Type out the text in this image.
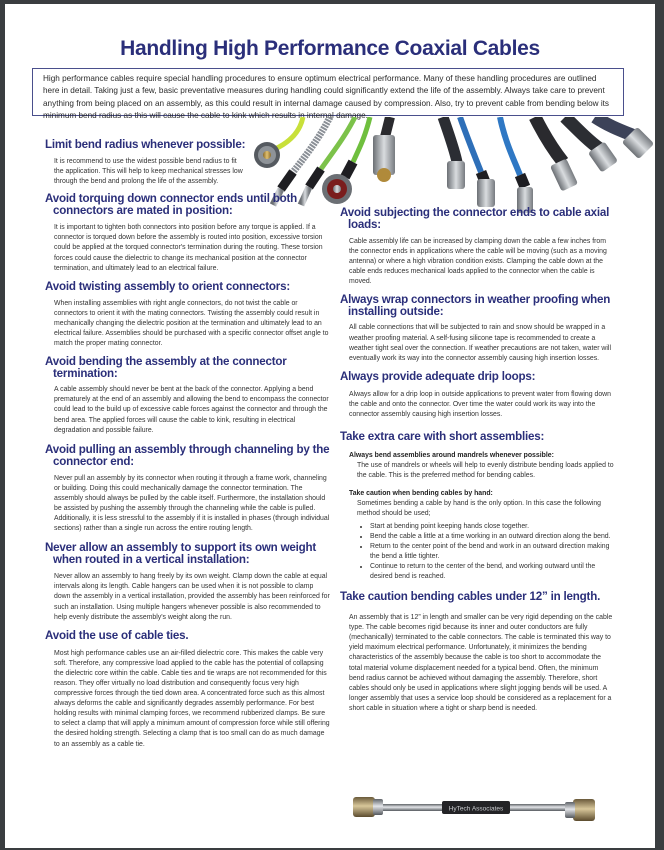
Handling High Performance Coaxial Cables
High performance cables require special handling procedures to ensure optimum electrical performance. Many of these handling procedures are outlined here in detail. Taking just a few, basic preventative measures during handling could significantly extend the life of the assembly. Always take care to prevent anything from being placed on an assembly, as this could result in internal damage caused by compression. Also, try to prevent cable from bending below its minimum bend radius as this will cause the cable to kink which results in internal damage.

Limit bend radius whenever possible:

It is recommend to use the widest possible bend radius to fit the application. This will help to keep mechanical stresses low through the bend and prolong the life of the assembly.

Avoid torquing down connector ends until both
connectors are mated in position:

It is important to tighten both connectors into position before any torque is applied. If a connector is torqued down before the assembly is routed into position, excessive torsion could be applied at the torqued connector's termination during the routing. These torsion forces could cause the dielectric to change its mechanical position at the connector termination, and ultimately lead to an electrical failure.

Avoid twisting assembly to orient connectors:

When installing assemblies with right angle connectors, do not twist the cable or connectors to orient it with the mating connectors. Twisting the assembly could result in mechanically changing the dielectric position at the termination and ultimately lead to an electrical failure. Assemblies should be purchased with a specific connector offset angle to match the proper mating connector.

Avoid bending the assembly at the connector
termination:

A cable assembly should never be bent at the back of the connector. Applying a bend prematurely at the end of an assembly and allowing the bend to encompass the connector could lead to the build up of excessive cable forces against the connector and through the bend area. The applied forces will cause the cable to kink, resulting in electrical degradation and possible failure.

Avoid pulling an assembly through channeling by the
connector end:

Never pull an assembly by its connector when routing it through a frame work, channeling or building. Doing this could mechanically damage the connector termination. The assembly should always be pulled by the cable itself. Furthermore, the installation should be assisted by pushing the assembly through the channeling while the cable is pulled. Additionally, it is less stressful to the assembly if it is installed in phases (through individual sections) rather than a single run across the entire routing length.

Never allow an assembly to support its own weight
when routed in a vertical installation:

Never allow an assembly to hang freely by its own weight. Clamp down the cable at equal intervals along its length. Cable hangers can be used when it is not possible to clamp down the assembly in a vertical installation, provided the assembly has been reinforced for such an installation. Using multiple hangers whenever possible is also recommended to help evenly distribute the assembly's weight along the run.

Avoid the use of cable ties.

Most high performance cables use an air-filled dielectric core. This makes the cable very soft. Therefore, any compressive load applied to the cable has the potential of collapsing the dielectric core within the cable. Cable ties and tie wraps are not recommended for this reason. They offer virtually no load distribution and consequently focus very high compressive forces through the tied down area. A concentrated force such as this almost always deforms the cable and significantly degrades assembly performance. For best holding results with minimal clamping forces, we recommend rubberized clamps. Be sure to select a clamp that will apply a minimum amount of compression force while still offering the desired holding strength. Selecting a clamp that is too small can do as much damage to an assembly as a cable tie.

Avoid subjecting the connector ends to cable axial
loads:

Cable assembly life can be increased by clamping down the cable a few inches from the connector ends in applications where the cable will be moving (such as a moving antenna) or where a high vibration condition exists. Clamping the cable down at the cable ends reduces mechanical loads applied to the connector when the cable is moved.

Always wrap connectors in weather proofing when
installing outside:

All cable connections that will be subjected to rain and snow should be wrapped in a weather proofing material. A self-fusing silicone tape is recommended to create a weather tight seal over the connection. If weather precautions are not taken, water will eventually work its way into the connector assembly causing high insertion losses.

Always provide adequate drip loops:

Always allow for a drip loop in outside applications to prevent water from flowing down the cable and onto the connector. Over time the water could work its way into the connector assembly causing high insertion losses.

Take extra care with short assemblies:

Always bend assemblies around mandrels whenever possible:

The use of mandrels or wheels will help to evenly distribute bending loads applied to the cable. This is the preferred method for bending cables.

Take caution when bending cables by hand:

Sometimes bending a cable by hand is the only option. In this case the following method should be used;

• Start at bending point keeping hands close together.
• Bend the cable a little at a time working in an outward direction along the bend.
• Return to the center point of the bend and work in an outward direction making the bend a little tighter.
• Continue to return to the center of the bend, and working outward until the desired bend is reached.

Take caution bending cables under 12” in length.

An assembly that is 12” in length and smaller can be very rigid depending on the cable type. The cable becomes rigid because its inner and outer conductors are fully (mechanically) terminated to the cable connectors. The cable is terminated this way to yield maximum electrical performance. Unfortunately, it minimizes the bending characteristics of the assembly because the cable is too short to accommodate the total material volume displacement needed for a typical bend. Often, the minimum bend radius cannot be achieved without damaging the assembly. Therefore, short cables should only be used in applications where slight jogging bends will be used. A longer assembly that uses a service loop should be considered as a replacement for a short cable in situation where a tight or sharp bend is needed.

HyTech Associates
